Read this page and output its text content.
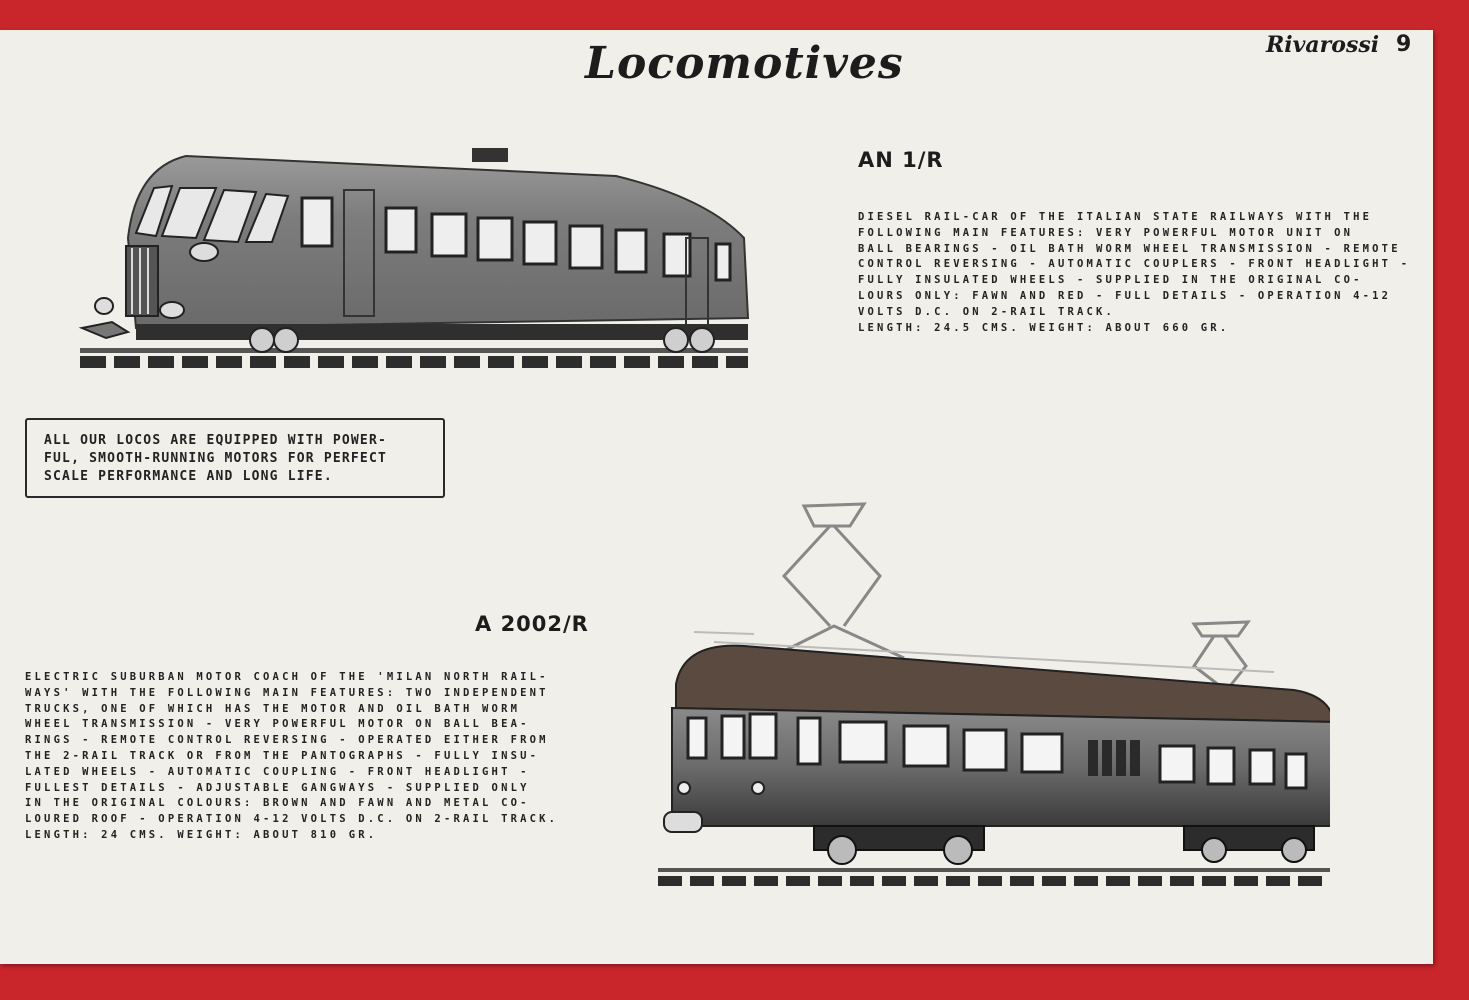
Locomotives	Rivarossi 9
AN 1/R
DIESEL RAIL-CAR OF THE ITALIAN STATE RAILWAYS WITH THE
FOLLOWING MAIN FEATURES: VERY POWERFUL MOTOR UNIT ON
BALL BEARINGS - OIL BATH WORM WHEEL TRANSMISSION - REMOTE
CONTROL REVERSING - AUTOMATIC COUPLERS - FRONT HEADLIGHT -
FULLY INSULATED WHEELS - SUPPLIED IN THE ORIGINAL CO-
LOURS ONLY: FAWN AND RED - FULL DETAILS - OPERATION 4-12
VOLTS D.C. ON 2-RAIL TRACK.
LENGTH: 24.5 CMS. WEIGHT: ABOUT 660 GR.
ALL OUR LOCOS ARE EQUIPPED WITH POWER-
FUL, SMOOTH-RUNNING MOTORS FOR PERFECT
SCALE PERFORMANCE AND LONG LIFE.
A 2002/R
ELECTRIC SUBURBAN MOTOR COACH OF THE 'MILAN NORTH RAIL-
WAYS' WITH THE FOLLOWING MAIN FEATURES: TWO INDEPENDENT
TRUCKS, ONE OF WHICH HAS THE MOTOR AND OIL BATH WORM
WHEEL TRANSMISSION - VERY POWERFUL MOTOR ON BALL BEA-
RINGS - REMOTE CONTROL REVERSING - OPERATED EITHER FROM
THE 2-RAIL TRACK OR FROM THE PANTOGRAPHS - FULLY INSU-
LATED WHEELS - AUTOMATIC COUPLING - FRONT HEADLIGHT -
FULLEST DETAILS - ADJUSTABLE GANGWAYS - SUPPLIED ONLY
IN THE ORIGINAL COLOURS: BROWN AND FAWN AND METAL CO-
LOURED ROOF - OPERATION 4-12 VOLTS D.C. ON 2-RAIL TRACK.
LENGTH: 24 CMS. WEIGHT: ABOUT 810 GR.
